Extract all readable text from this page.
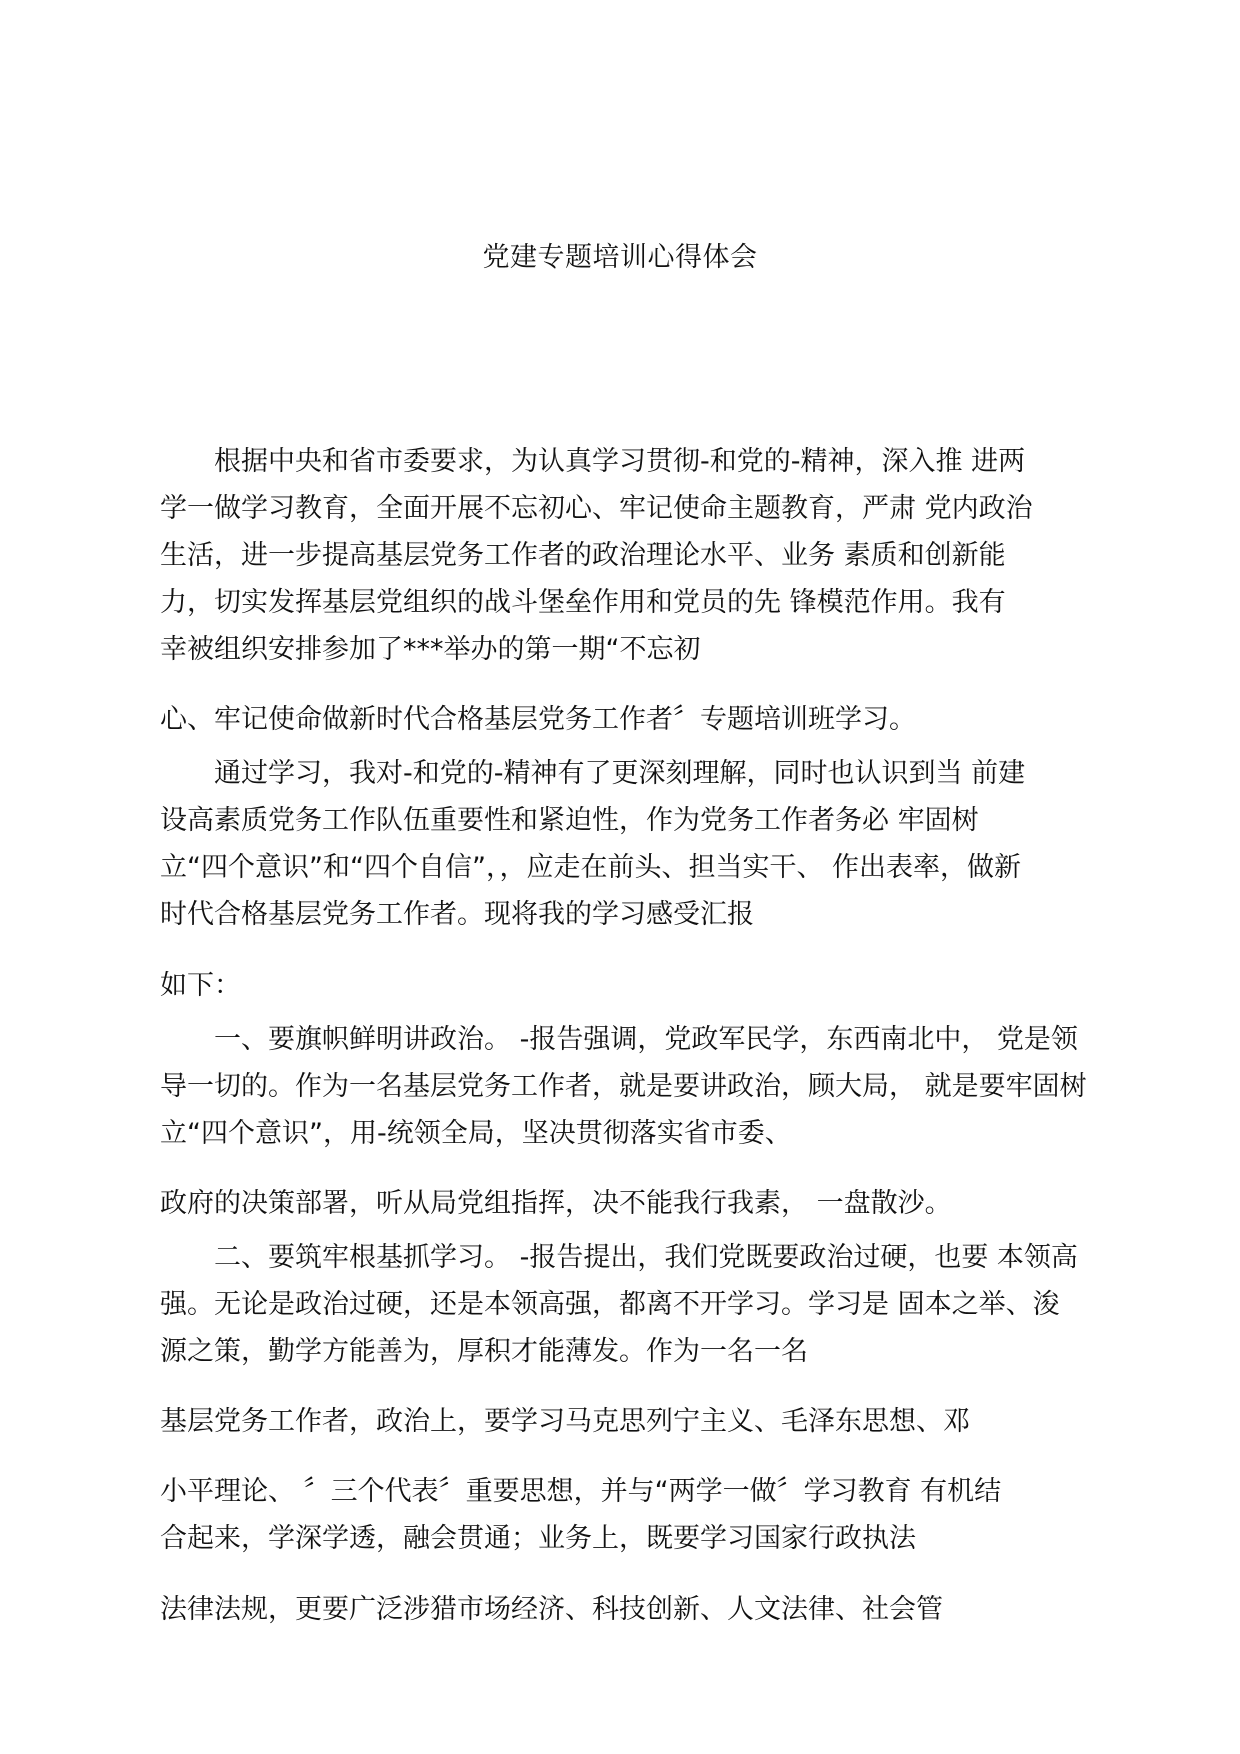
党建专题培训心得体会
　　根据中央和省市委要求，为认真学习贯彻-和党的-精神，深入推 进两
学一做学习教育，全面开展不忘初心、牢记使命主题教育，严肃 党内政治
生活，进一步提高基层党务工作者的政治理论水平、业务 素质和创新能
力，切实发挥基层党组织的战斗堡垒作用和党员的先 锋模范作用。我有
幸被组织安排参加了***举办的第一期“不忘初
心、牢记使命做新时代合格基层党务工作者〞专题培训班学习。
　　通过学习，我对-和党的-精神有了更深刻理解，同时也认识到当 前建
设高素质党务工作队伍重要性和紧迫性，作为党务工作者务必 牢固树
立“四个意识”和“四个自信”，，应走在前头、担当实干、 作出表率，做新
时代合格基层党务工作者。现将我的学习感受汇报
如下：
　　一、要旗帜鲜明讲政治。 -报告强调，党政军民学，东西南北中， 党是领
导一切的。作为一名基层党务工作者，就是要讲政治，顾大局， 就是要牢固树
立“四个意识”，用-统领全局，坚决贯彻落实省市委、
政府的决策部署，听从局党组指挥，决不能我行我素， 一盘散沙。
　　二、要筑牢根基抓学习。 -报告提出，我们党既要政治过硬，也要 本领高
强。无论是政治过硬，还是本领高强，都离不开学习。学习是 固本之举、浚
源之策，勤学方能善为，厚积才能薄发。作为一名一名
基层党务工作者，政治上，要学习马克思列宁主义、毛泽东思想、邓
小平理论、 〞三个代表〞重要思想，并与“两学一做〞学习教育 有机结
合起来，学深学透，融会贯通；业务上，既要学习国家行政执法
法律法规，更要广泛涉猎市场经济、科技创新、人文法律、社会管
